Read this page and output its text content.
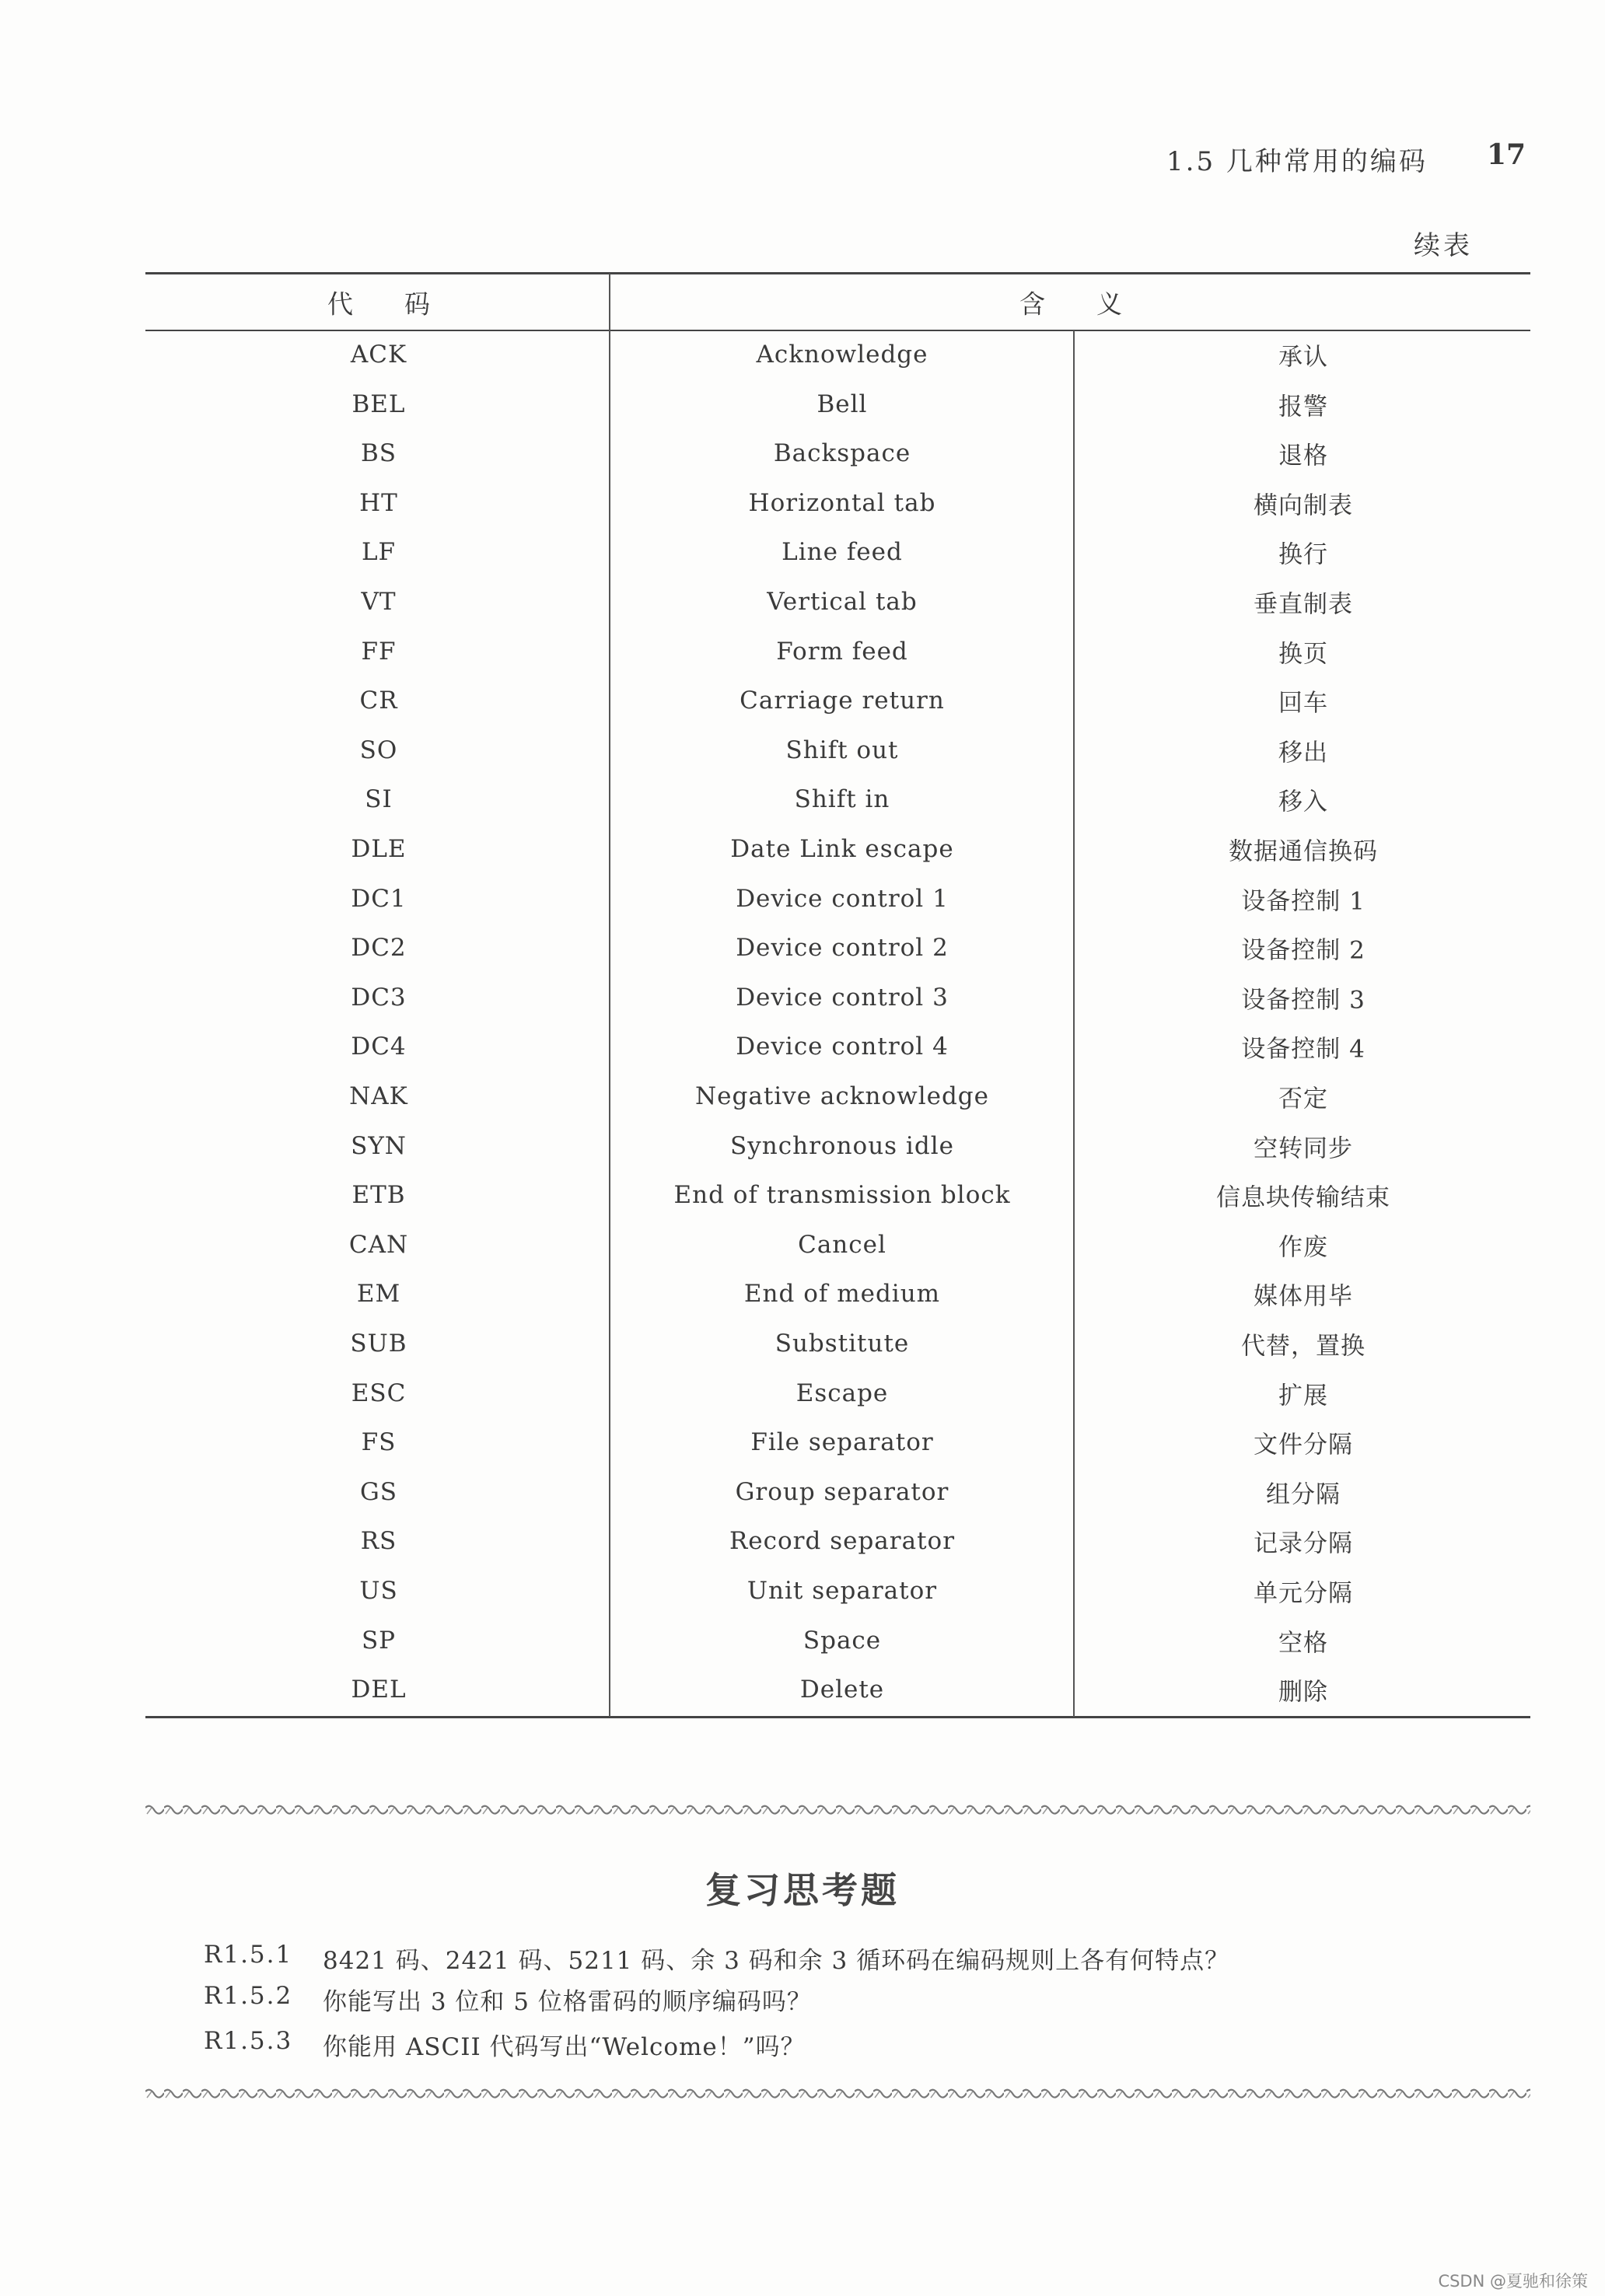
1.5 几种常用的编码 17
续表
代　　码	含　　义
ACK	Acknowledge	承认
BEL	Bell	报警
BS	Backspace	退格
HT	Horizontal tab	横向制表
LF	Line feed	换行
VT	Vertical tab	垂直制表
FF	Form feed	换页
CR	Carriage return	回车
SO	Shift out	移出
SI	Shift in	移入
DLE	Date Link escape	数据通信换码
DC1	Device control 1	设备控制 1
DC2	Device control 2	设备控制 2
DC3	Device control 3	设备控制 3
DC4	Device control 4	设备控制 4
NAK	Negative acknowledge	否定
SYN	Synchronous idle	空转同步
ETB	End of transmission block	信息块传输结束
CAN	Cancel	作废
EM	End of medium	媒体用毕
SUB	Substitute	代替，置换
ESC	Escape	扩展
FS	File separator	文件分隔
GS	Group separator	组分隔
RS	Record separator	记录分隔
US	Unit separator	单元分隔
SP	Space	空格
DEL	Delete	删除
复习思考题
R1.5.1 8421 码、2421 码、5211 码、余 3 码和余 3 循环码在编码规则上各有何特点？
R1.5.2 你能写出 3 位和 5 位格雷码的顺序编码吗？
R1.5.3 你能用 ASCII 代码写出“Welcome！”吗？
CSDN @夏驰和徐策
